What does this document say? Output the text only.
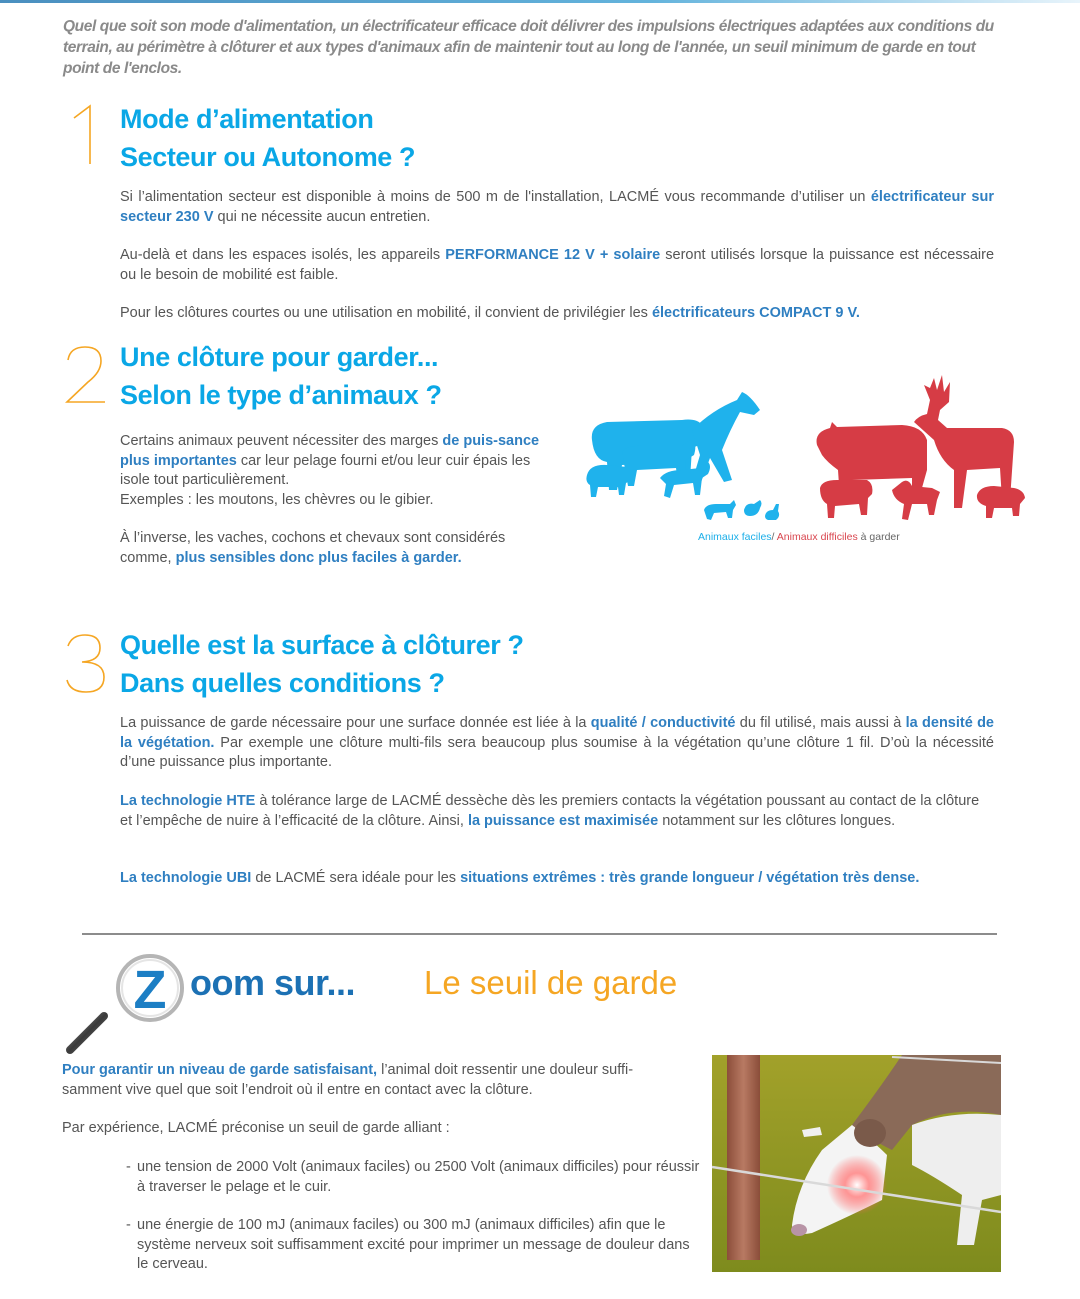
Quel que soit son mode d'alimentation, un électrificateur efficace doit délivrer des impulsions électriques adaptées aux conditions du terrain, au périmètre à clôturer et aux types d'animaux afin de maintenir tout au long de l'année, un seuil minimum de garde en tout point de l'enclos.

Mode d’alimentation
Secteur ou Autonome ?

Si l’alimentation secteur est disponible à moins de 500 m de l'installation, LACMÉ vous recommande d’utiliser un électrificateur sur secteur 230 V qui ne nécessite aucun entretien.

Au-delà et dans les espaces isolés, les appareils PERFORMANCE 12 V + solaire seront utilisés lorsque la puissance est nécessaire ou le besoin de mobilité est faible.

Pour les clôtures courtes ou une utilisation en mobilité, il convient de privilégier les électrificateurs COMPACT 9 V.

Une clôture pour garder...
Selon le type d’animaux ?

Certains animaux peuvent nécessiter des marges de puis-sance plus importantes car leur pelage fourni et/ou leur cuir épais les isole tout particulièrement.
Exemples : les moutons, les chèvres ou le gibier.

À l’inverse, les vaches, cochons et chevaux sont considérés comme, plus sensibles donc plus faciles à garder.

Animaux faciles/ Animaux difficiles à garder
Quelle est la surface à clôturer ?
Dans quelles conditions ?

La puissance de garde nécessaire pour une surface donnée est liée à la qualité / conductivité du fil utilisé, mais aussi à la densité de la végétation. Par exemple une clôture multi-fils sera beaucoup plus soumise à la végétation qu’une clôture 1 fil. D’où la nécessité d’une puissance plus importante.

La technologie HTE à tolérance large de LACMÉ dessèche dès les premiers contacts la végétation poussant au contact de la clôture et l’empêche de nuire à l’efficacité de la clôture. Ainsi, la puissance est maximisée notamment sur les clôtures longues.

La technologie UBI de LACMÉ sera idéale pour les situations extrêmes : très grande longueur / végétation très dense.

Z oom sur... Le seuil de garde

Pour garantir un niveau de garde satisfaisant, l’animal doit ressentir une douleur suffi-samment vive quel que soit l’endroit où il entre en contact avec la clôture.

Par expérience, LACMÉ préconise un seuil de garde alliant :

- une tension de 2000 Volt (animaux faciles) ou 2500 Volt (animaux difficiles) pour réussir à traverser le pelage et le cuir.
- une énergie de 100 mJ (animaux faciles) ou 300 mJ (animaux difficiles) afin que le système nerveux soit suffisamment excité pour imprimer un message de douleur dans le cerveau.
